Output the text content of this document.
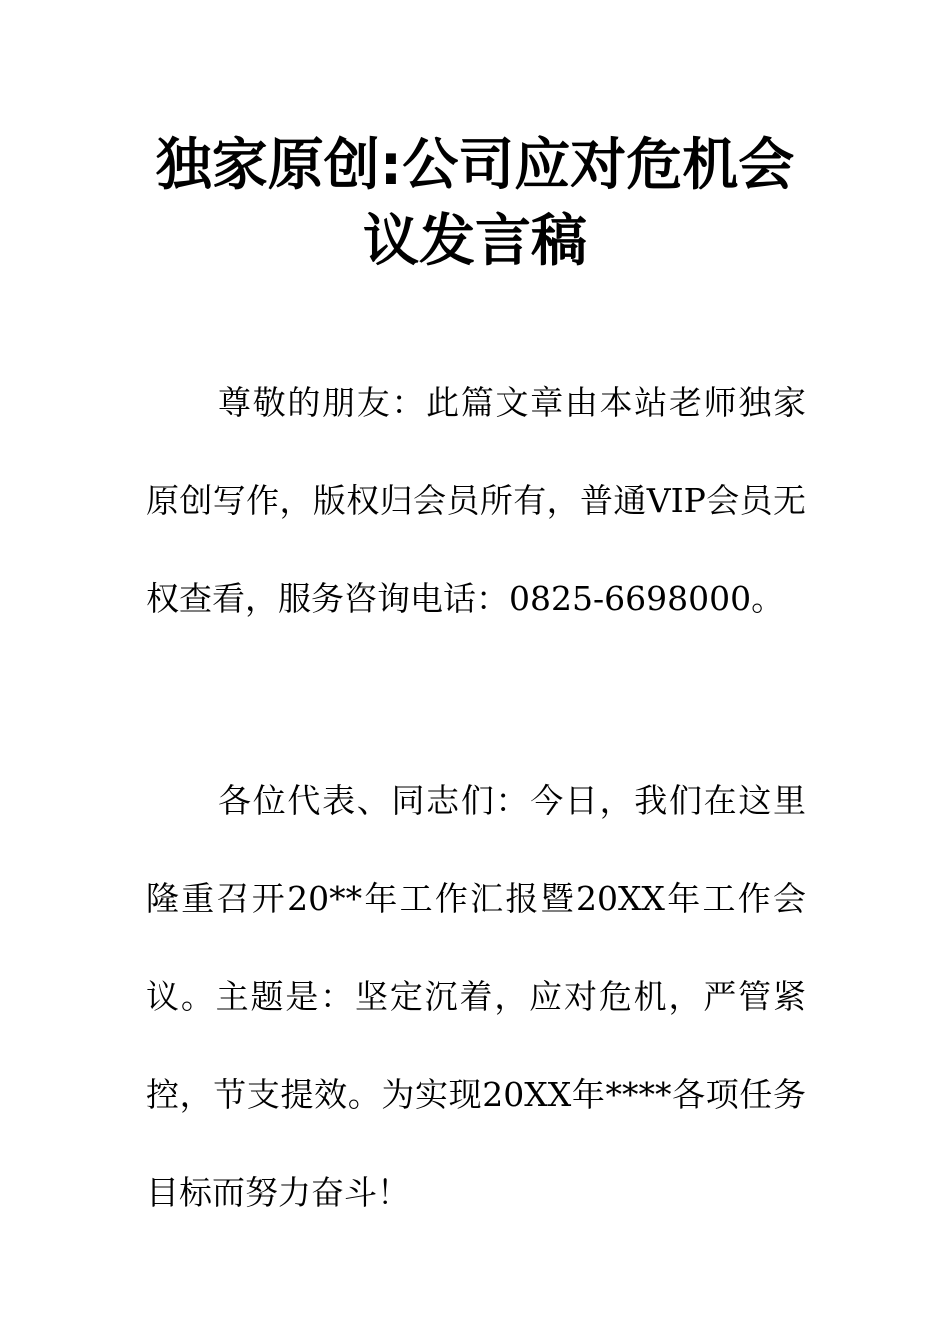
独家原创:公司应对危机会议发言稿

尊敬的朋友：此篇文章由本站老师独家原创写作，版权归会员所有，普通VIP会员无权查看，服务咨询电话：0825-6698000。

各位代表、同志们：今日，我们在这里隆重召开20**年工作汇报暨20XX年工作会议。主题是：坚定沉着，应对危机，严管紧控，节支提效。为实现20XX年****各项任务目标而努力奋斗！
